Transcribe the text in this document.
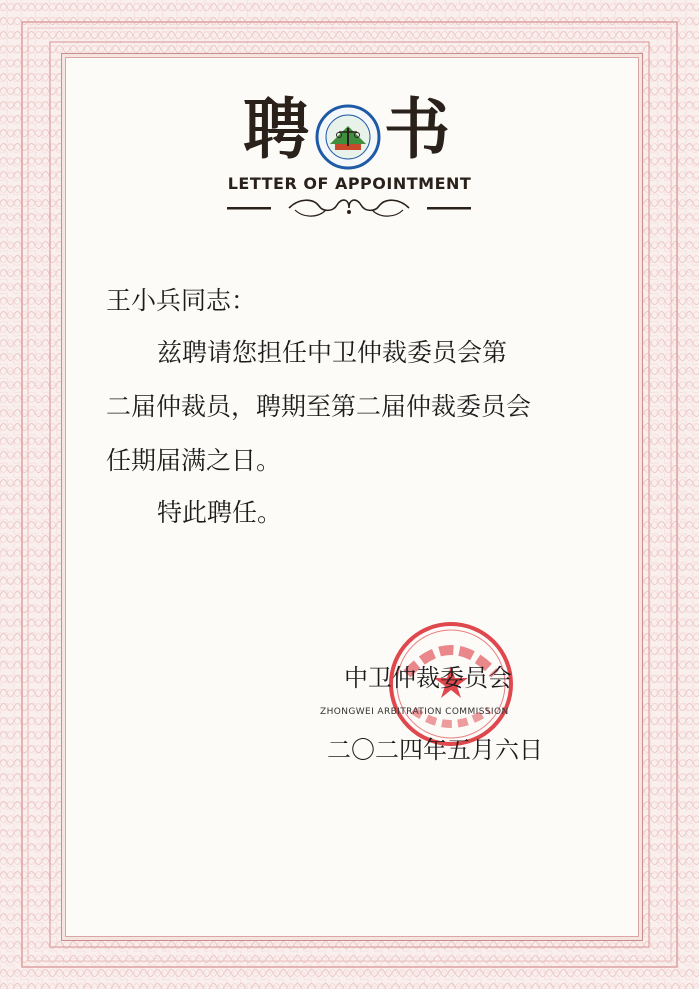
聘 书
LETTER OF APPOINTMENT
王小兵同志：
兹聘请您担任中卫仲裁委员会第
二届仲裁员，聘期至第二届仲裁委员会
任期届满之日。
特此聘任。
中卫仲裁委员会
ZHONGWEI ARBITRATION COMMISSION
二〇二四年五月六日
